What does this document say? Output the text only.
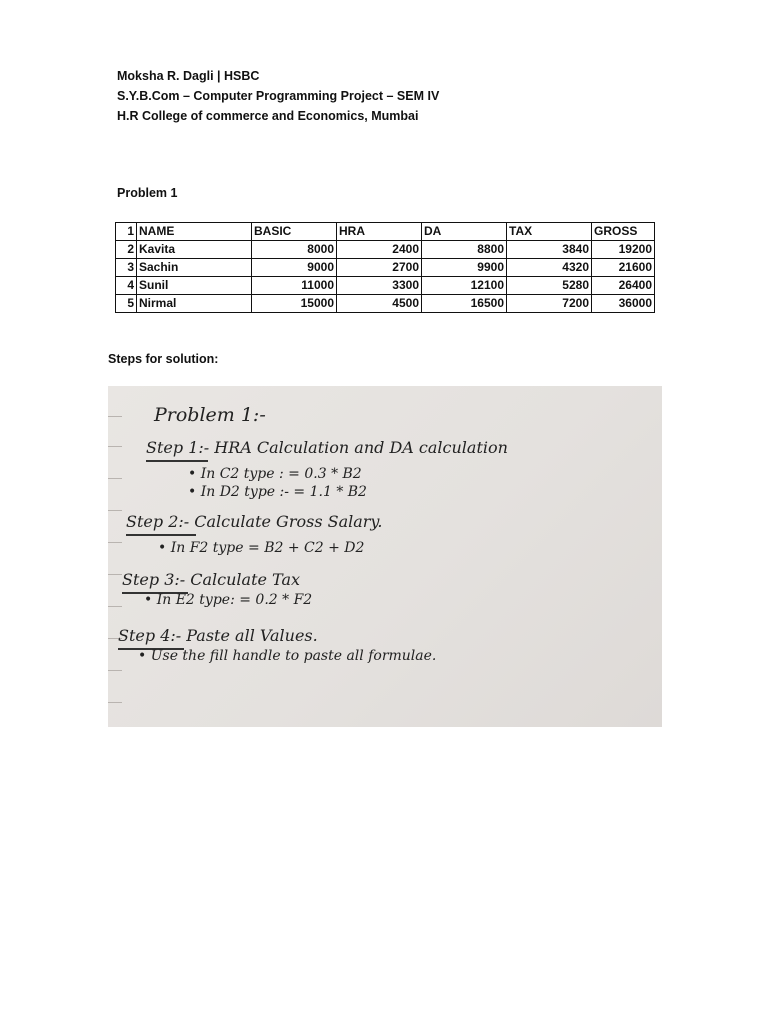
Moksha R. Dagli | HSBC
S.Y.B.Com – Computer Programming Project – SEM IV
H.R College of commerce and Economics, Mumbai
Problem 1
1	NAME	BASIC	HRA	DA	TAX	GROSS
2	Kavita	8000	2400	8800	3840	19200
3	Sachin	9000	2700	9900	4320	21600
4	Sunil	11000	3300	12100	5280	26400
5	Nirmal	15000	4500	16500	7200	36000
Steps for solution:
Problem 1:-
Step 1:- HRA Calculation and DA calculation
• In C2 type : = 0.3 * B2
• In D2 type :- = 1.1 * B2
Step 2:- Calculate Gross Salary.
• In F2 type = B2 + C2 + D2
Step 3:- Calculate Tax
• In E2 type: = 0.2 * F2
Step 4:- Paste all Values.
• Use the fill handle to paste all formulae.
